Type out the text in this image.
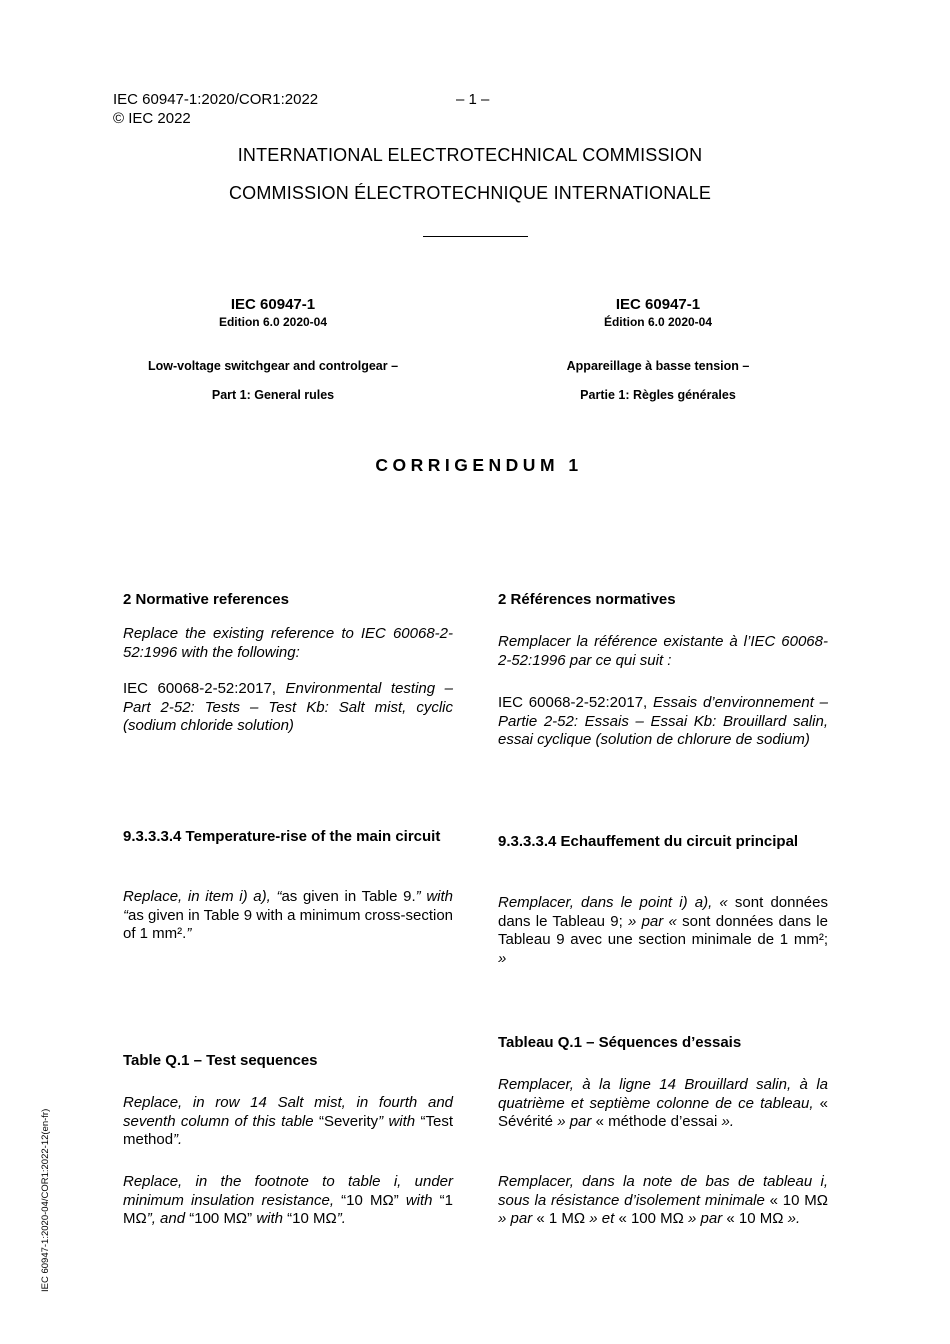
IEC 60947-1:2020/COR1:2022	– 1 –
© IEC 2022
INTERNATIONAL ELECTROTECHNICAL COMMISSION
COMMISSION ÉLECTROTECHNIQUE INTERNATIONALE
IEC 60947-1
Edition 6.0 2020-04
Low-voltage switchgear and controlgear –
Part 1: General rules
IEC 60947-1
Édition 6.0 2020-04
Appareillage à basse tension –
Partie 1: Règles générales
CORRIGENDUM 1
2 Normative references
Replace the existing reference to IEC 60068-2-52:1996 with the following:
IEC 60068-2-52:2017, Environmental testing – Part 2-52: Tests – Test Kb: Salt mist, cyclic (sodium chloride solution)
2 Références normatives
Remplacer la référence existante à l’IEC 60068-2-52:1996 par ce qui suit :
IEC 60068-2-52:2017, Essais d’environnement – Partie 2-52: Essais – Essai Kb: Brouillard salin, essai cyclique (solution de chlorure de sodium)
9.3.3.3.4 Temperature-rise of the main circuit
Replace, in item i) a), “as given in Table 9.” with “as given in Table 9 with a minimum cross-section of 1 mm².”
9.3.3.3.4 Echauffement du circuit principal
Remplacer, dans le point i) a), « sont données dans le Tableau 9; » par « sont données dans le Tableau 9 avec une section minimale de 1 mm²; »
Table Q.1 – Test sequences
Replace, in row 14 Salt mist, in fourth and seventh column of this table “Severity” with “Test method”.
Replace, in the footnote to table i, under minimum insulation resistance, “10 MΩ” with “1 MΩ”, and “100 MΩ” with “10 MΩ”.
Tableau Q.1 – Séquences d’essais
Remplacer, à la ligne 14 Brouillard salin, à la quatrième et septième colonne de ce tableau, « Sévérité » par « méthode d’essai ».
Remplacer, dans la note de bas de tableau i, sous la résistance d’isolement minimale « 10 MΩ » par « 1 MΩ » et « 100 MΩ » par « 10 MΩ ».
IEC 60947-1:2020-04/COR1:2022-12(en-fr)
